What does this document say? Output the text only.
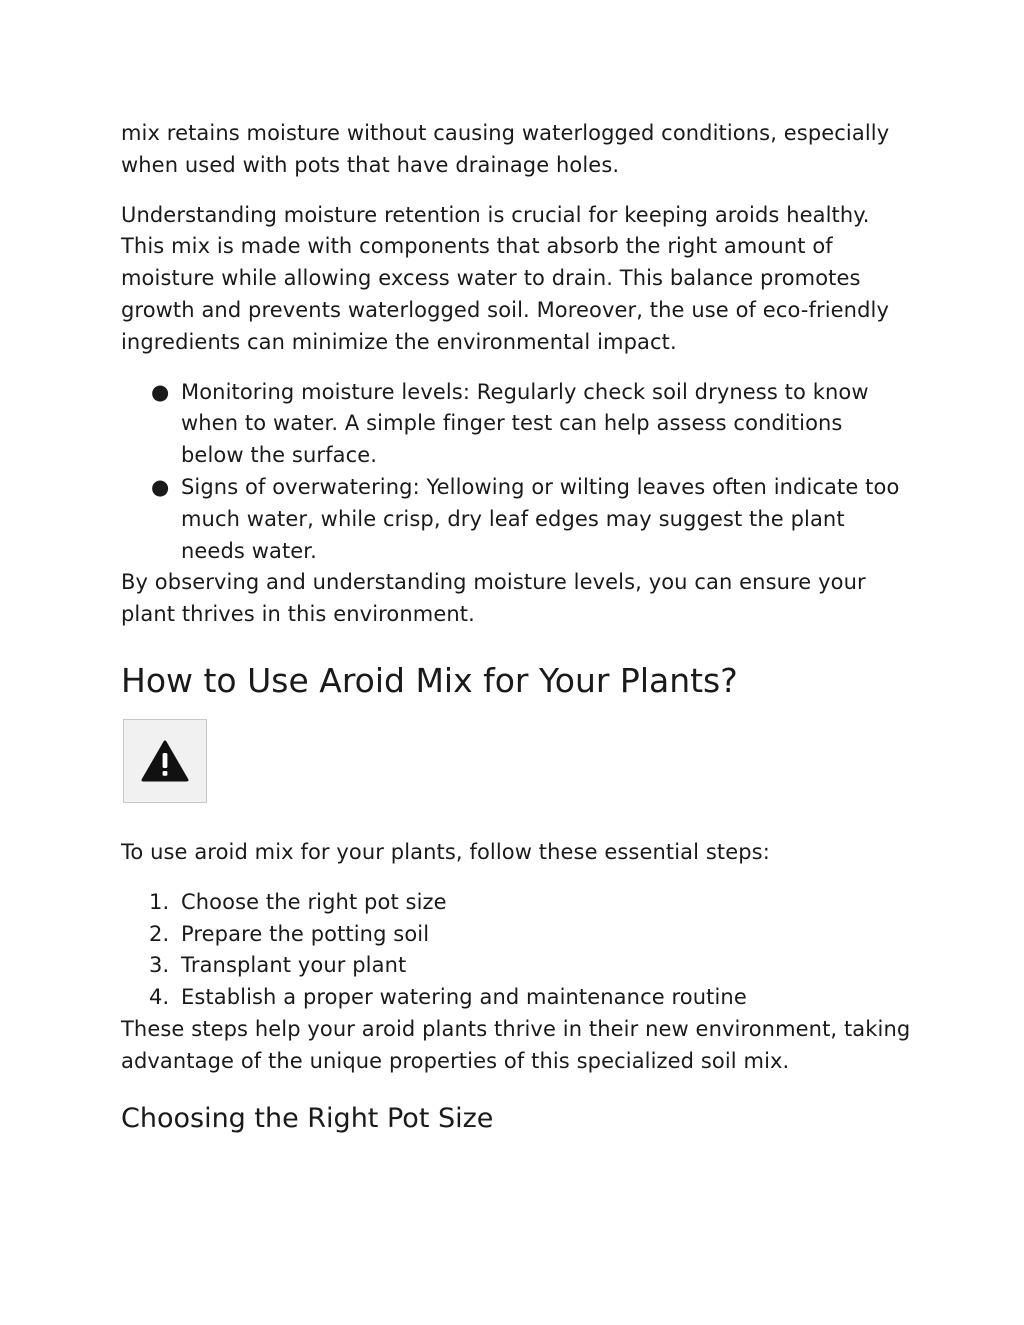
mix retains moisture without causing waterlogged conditions, especially when used with pots that have drainage holes.

Understanding moisture retention is crucial for keeping aroids healthy. This mix is made with components that absorb the right amount of moisture while allowing excess water to drain. This balance promotes growth and prevents waterlogged soil. Moreover, the use of eco-friendly ingredients can minimize the environmental impact.

● Monitoring moisture levels: Regularly check soil dryness to know when to water. A simple finger test can help assess conditions below the surface.
● Signs of overwatering: Yellowing or wilting leaves often indicate too much water, while crisp, dry leaf edges may suggest the plant needs water.

By observing and understanding moisture levels, you can ensure your plant thrives in this environment.

How to Use Aroid Mix for Your Plants?

To use aroid mix for your plants, follow these essential steps:

1. Choose the right pot size
2. Prepare the potting soil
3. Transplant your plant
4. Establish a proper watering and maintenance routine

These steps help your aroid plants thrive in their new environment, taking advantage of the unique properties of this specialized soil mix.

Choosing the Right Pot Size
